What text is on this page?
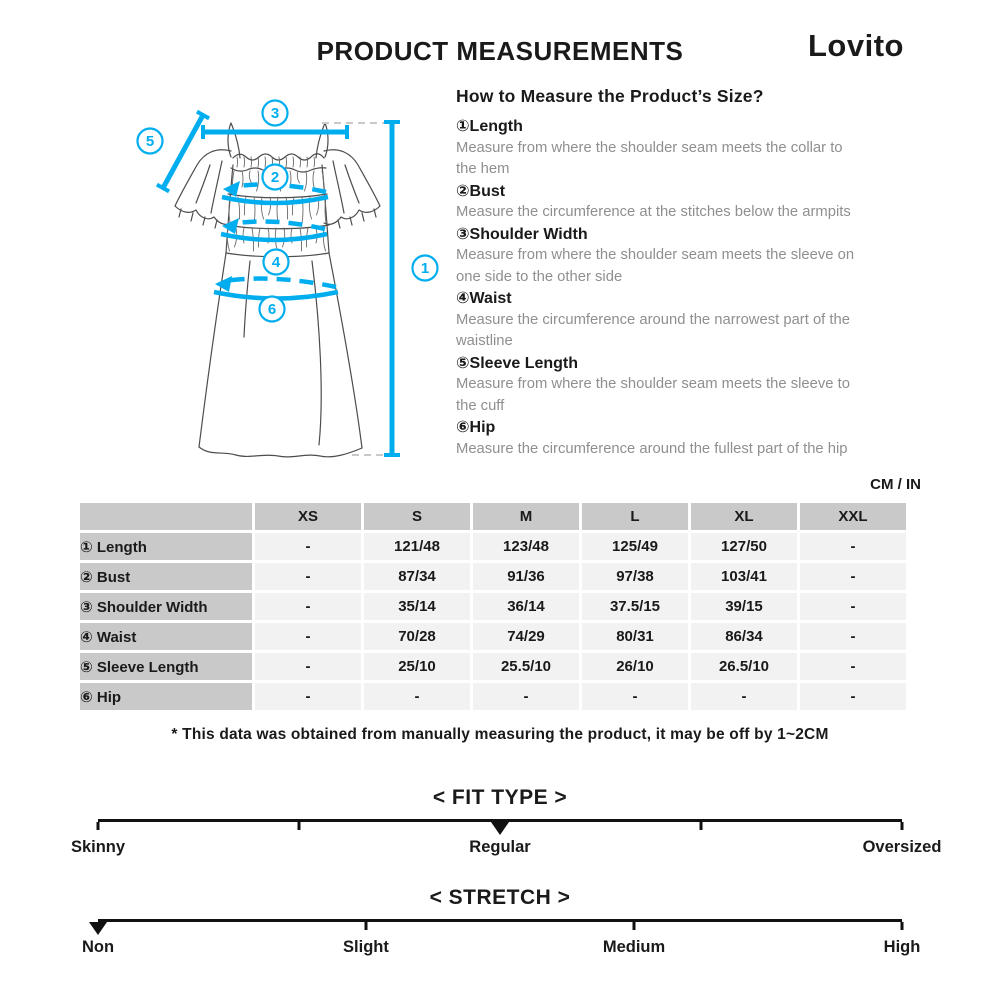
PRODUCT MEASUREMENTS	Lovito
3
5
2
4
6
1
How to Measure the Product’s Size?
①Length
Measure from where the shoulder seam meets the collar to
the hem
②Bust
Measure the circumference at the stitches below the armpits
③Shoulder Width
Measure from where the shoulder seam meets the sleeve on
one side to the other side
④Waist
Measure the circumference around the narrowest part of the
waistline
⑤Sleeve Length
Measure from where the shoulder seam meets the sleeve to
the cuff
⑥Hip
Measure the circumference around the fullest part of the hip
CM / IN
	XS	S	M	L	XL	XXL
① Length	-	121/48	123/48	125/49	127/50	-
② Bust	-	87/34	91/36	97/38	103/41	-
③ Shoulder Width	-	35/14	36/14	37.5/15	39/15	-
④ Waist	-	70/28	74/29	80/31	86/34	-
⑤ Sleeve Length	-	25/10	25.5/10	26/10	26.5/10	-
⑥ Hip	-	-	-	-	-	-
* This data was obtained from manually measuring the product, it may be off by 1~2CM
< FIT TYPE >
Skinny	Regular	Oversized
< STRETCH >
Non	Slight	Medium	High
